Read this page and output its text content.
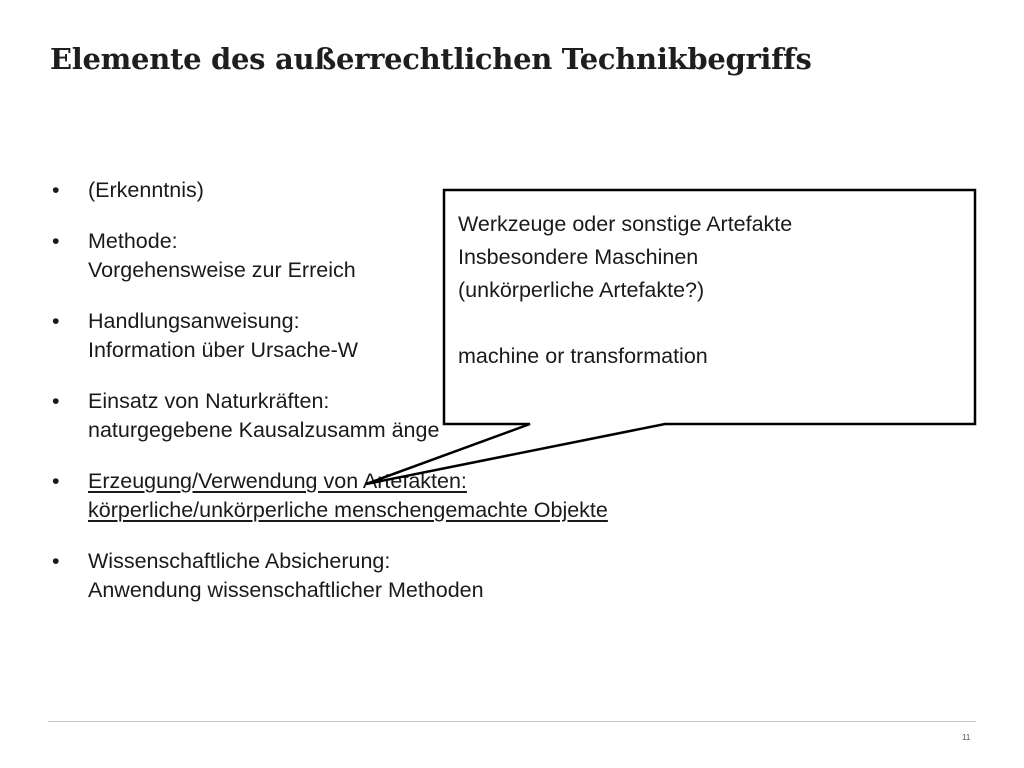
Elemente des außerrechtlichen Technikbegriffs
• (Erkenntnis)
• Methode:
Vorgehensweise zur Erreich
• Handlungsanweisung:
Information über Ursache-W
• Einsatz von Naturkräften:
naturgegebene Kausalzusamm änge
• Erzeugung/Verwendung von Artefakten:
körperliche/unkörperliche menschengemachte Objekte
• Wissenschaftliche Absicherung:
Anwendung wissenschaftlicher Methoden
Werkzeuge oder sonstige Artefakte
Insbesondere Maschinen
(unkörperliche Artefakte?)
machine or transformation
11
